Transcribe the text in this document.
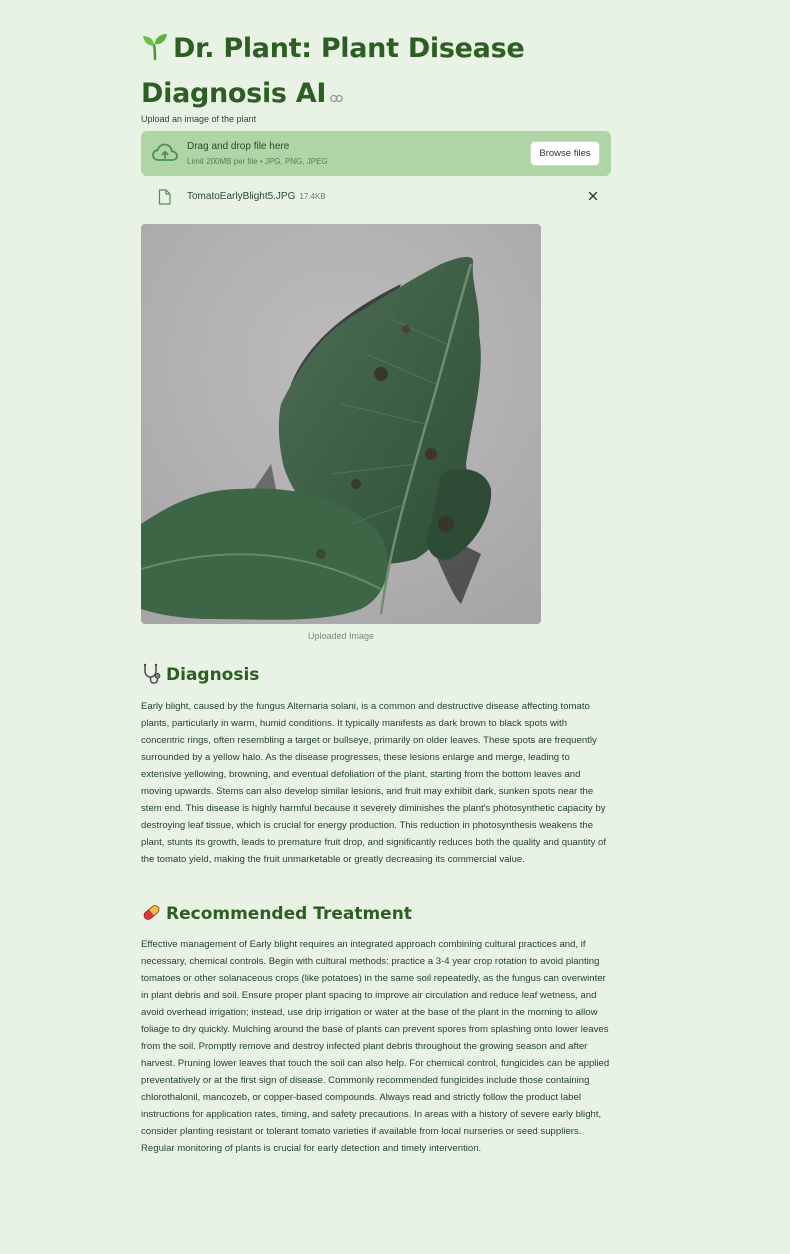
Dr. Plant: Plant Disease Diagnosis AI
Upload an image of the plant
Drag and drop file here
Limit 200MB per file • JPG, PNG, JPEG
Browse files
TomatoEarlyBlight5.JPG 17.4KB
Uploaded Image
Diagnosis

Early blight, caused by the fungus Alternaria solani, is a common and destructive disease affecting tomato plants, particularly in warm, humid conditions. It typically manifests as dark brown to black spots with concentric rings, often resembling a target or bullseye, primarily on older leaves. These spots are frequently surrounded by a yellow halo. As the disease progresses, these lesions enlarge and merge, leading to extensive yellowing, browning, and eventual defoliation of the plant, starting from the bottom leaves and moving upwards. Stems can also develop similar lesions, and fruit may exhibit dark, sunken spots near the stem end. This disease is highly harmful because it severely diminishes the plant's photosynthetic capacity by destroying leaf tissue, which is crucial for energy production. This reduction in photosynthesis weakens the plant, stunts its growth, leads to premature fruit drop, and significantly reduces both the quality and quantity of the tomato yield, making the fruit unmarketable or greatly decreasing its commercial value.

Recommended Treatment

Effective management of Early blight requires an integrated approach combining cultural practices and, if necessary, chemical controls. Begin with cultural methods: practice a 3-4 year crop rotation to avoid planting tomatoes or other solanaceous crops (like potatoes) in the same soil repeatedly, as the fungus can overwinter in plant debris and soil. Ensure proper plant spacing to improve air circulation and reduce leaf wetness, and avoid overhead irrigation; instead, use drip irrigation or water at the base of the plant in the morning to allow foliage to dry quickly. Mulching around the base of plants can prevent spores from splashing onto lower leaves from the soil. Promptly remove and destroy infected plant debris throughout the growing season and after harvest. Pruning lower leaves that touch the soil can also help. For chemical control, fungicides can be applied preventatively or at the first sign of disease. Commonly recommended fungicides include those containing chlorothalonil, mancozeb, or copper-based compounds. Always read and strictly follow the product label instructions for application rates, timing, and safety precautions. In areas with a history of severe early blight, consider planting resistant or tolerant tomato varieties if available from local nurseries or seed suppliers. Regular monitoring of plants is crucial for early detection and timely intervention.
